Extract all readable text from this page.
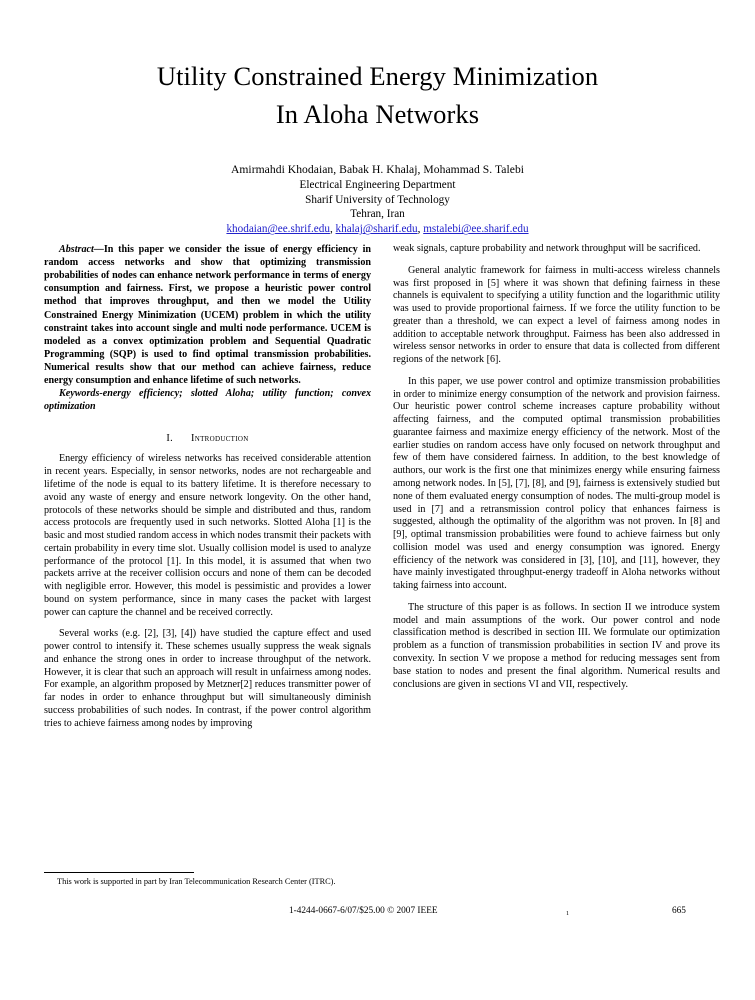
Utility Constrained Energy Minimization
In Aloha Networks
Amirmahdi Khodaian, Babak H. Khalaj, Mohammad S. Talebi
Electrical Engineering Department
Sharif University of Technology
Tehran, Iran
khodaian@ee.shrif.edu, khalaj@sharif.edu, mstalebi@ee.sharif.edu

Abstract—In this paper we consider the issue of energy efficiency in random access networks and show that optimizing transmission probabilities of nodes can enhance network performance in terms of energy consumption and fairness. First, we propose a heuristic power control method that improves throughput, and then we model the Utility Constrained Energy Minimization (UCEM) problem in which the utility constraint takes into account single and multi node performance. UCEM is modeled as a convex optimization problem and Sequential Quadratic Programming (SQP) is used to find optimal transmission probabilities. Numerical results show that our method can achieve fairness, reduce energy consumption and enhance lifetime of such networks.

Keywords-energy efficiency; slotted Aloha; utility function; convex optimization

I. Introduction

Energy efficiency of wireless networks has received considerable attention in recent years. Especially, in sensor networks, nodes are not rechargeable and lifetime of the node is equal to its battery lifetime. It is therefore necessary to avoid any waste of energy and ensure network longevity. On the other hand, protocols of these networks should be simple and distributed and thus, random access protocols are frequently used in such networks. Slotted Aloha [1] is the basic and most studied random access in which nodes transmit their packets with certain probability in every time slot. Usually collision model is used to analyze performance of the protocol [1]. In this model, it is assumed that when two packets arrive at the receiver collision occurs and none of them can be decoded with negligible error. However, this model is pessimistic and provides a lower bound on system performance, since in many cases the packet with largest power can capture the channel and be received correctly.

Several works (e.g. [2], [3], [4]) have studied the capture effect and used power control to intensify it. These schemes usually suppress the weak signals and enhance the strong ones in order to increase throughput of the network. However, it is clear that such an approach will result in unfairness among nodes. For example, an algorithm proposed by Metzner[2] reduces transmitter power of far nodes in order to enhance throughput but will simultaneously diminish success probabilities of such nodes. In contrast, if the power control algorithm tries to achieve fairness among nodes by improving

weak signals, capture probability and network throughput will be sacrificed.

General analytic framework for fairness in multi-access wireless channels was first proposed in [5] where it was shown that defining fairness in these channels is equivalent to specifying a utility function and the logarithmic utility was used to provide proportional fairness. If we force the utility function to be greater than a threshold, we can expect a level of fairness among nodes in addition to acceptable network throughput. Fairness has been also addressed in wireless sensor networks in order to ensure that data is collected from different regions of the network [6].

In this paper, we use power control and optimize transmission probabilities in order to minimize energy consumption of the network and provision fairness. Our heuristic power control scheme increases capture probability without affecting fairness, and the computed optimal transmission probabilities guarantee fairness and maximize energy efficiency of the network. Most of the earlier studies on random access have only focused on network throughput and few of them have considered fairness. In addition, to the best knowledge of authors, our work is the first one that minimizes energy while ensuring fairness among network nodes. In [5], [7], [8], and [9], fairness is extensively studied but none of them evaluated energy consumption of nodes. The multi-group model is used in [7] and a retransmission control policy that enhances fairness is suggested, although the optimality of the algorithm was not proven. In [8] and [9], optimal transmission probabilities were found to achieve fairness but only collision model was used and energy consumption was ignored. Energy efficiency of the network was considered in [3], [10], and [11], however, they have mainly investigated throughput-energy tradeoff in Aloha networks without taking fairness into account.

The structure of this paper is as follows. In section II we introduce system model and main assumptions of the work. Our power control and node classification method is described in section III. We formulate our optimization problem as a function of transmission probabilities in section IV and prove its convexity. In section V we propose a method for reducing messages sent from base station to nodes and present the final algorithm. Numerical results and conclusions are given in sections VI and VII, respectively.

This work is supported in part by Iran Telecommunication Research Center (ITRC).

1-4244-0667-6/07/$25.00 © 2007 IEEE	1	665
